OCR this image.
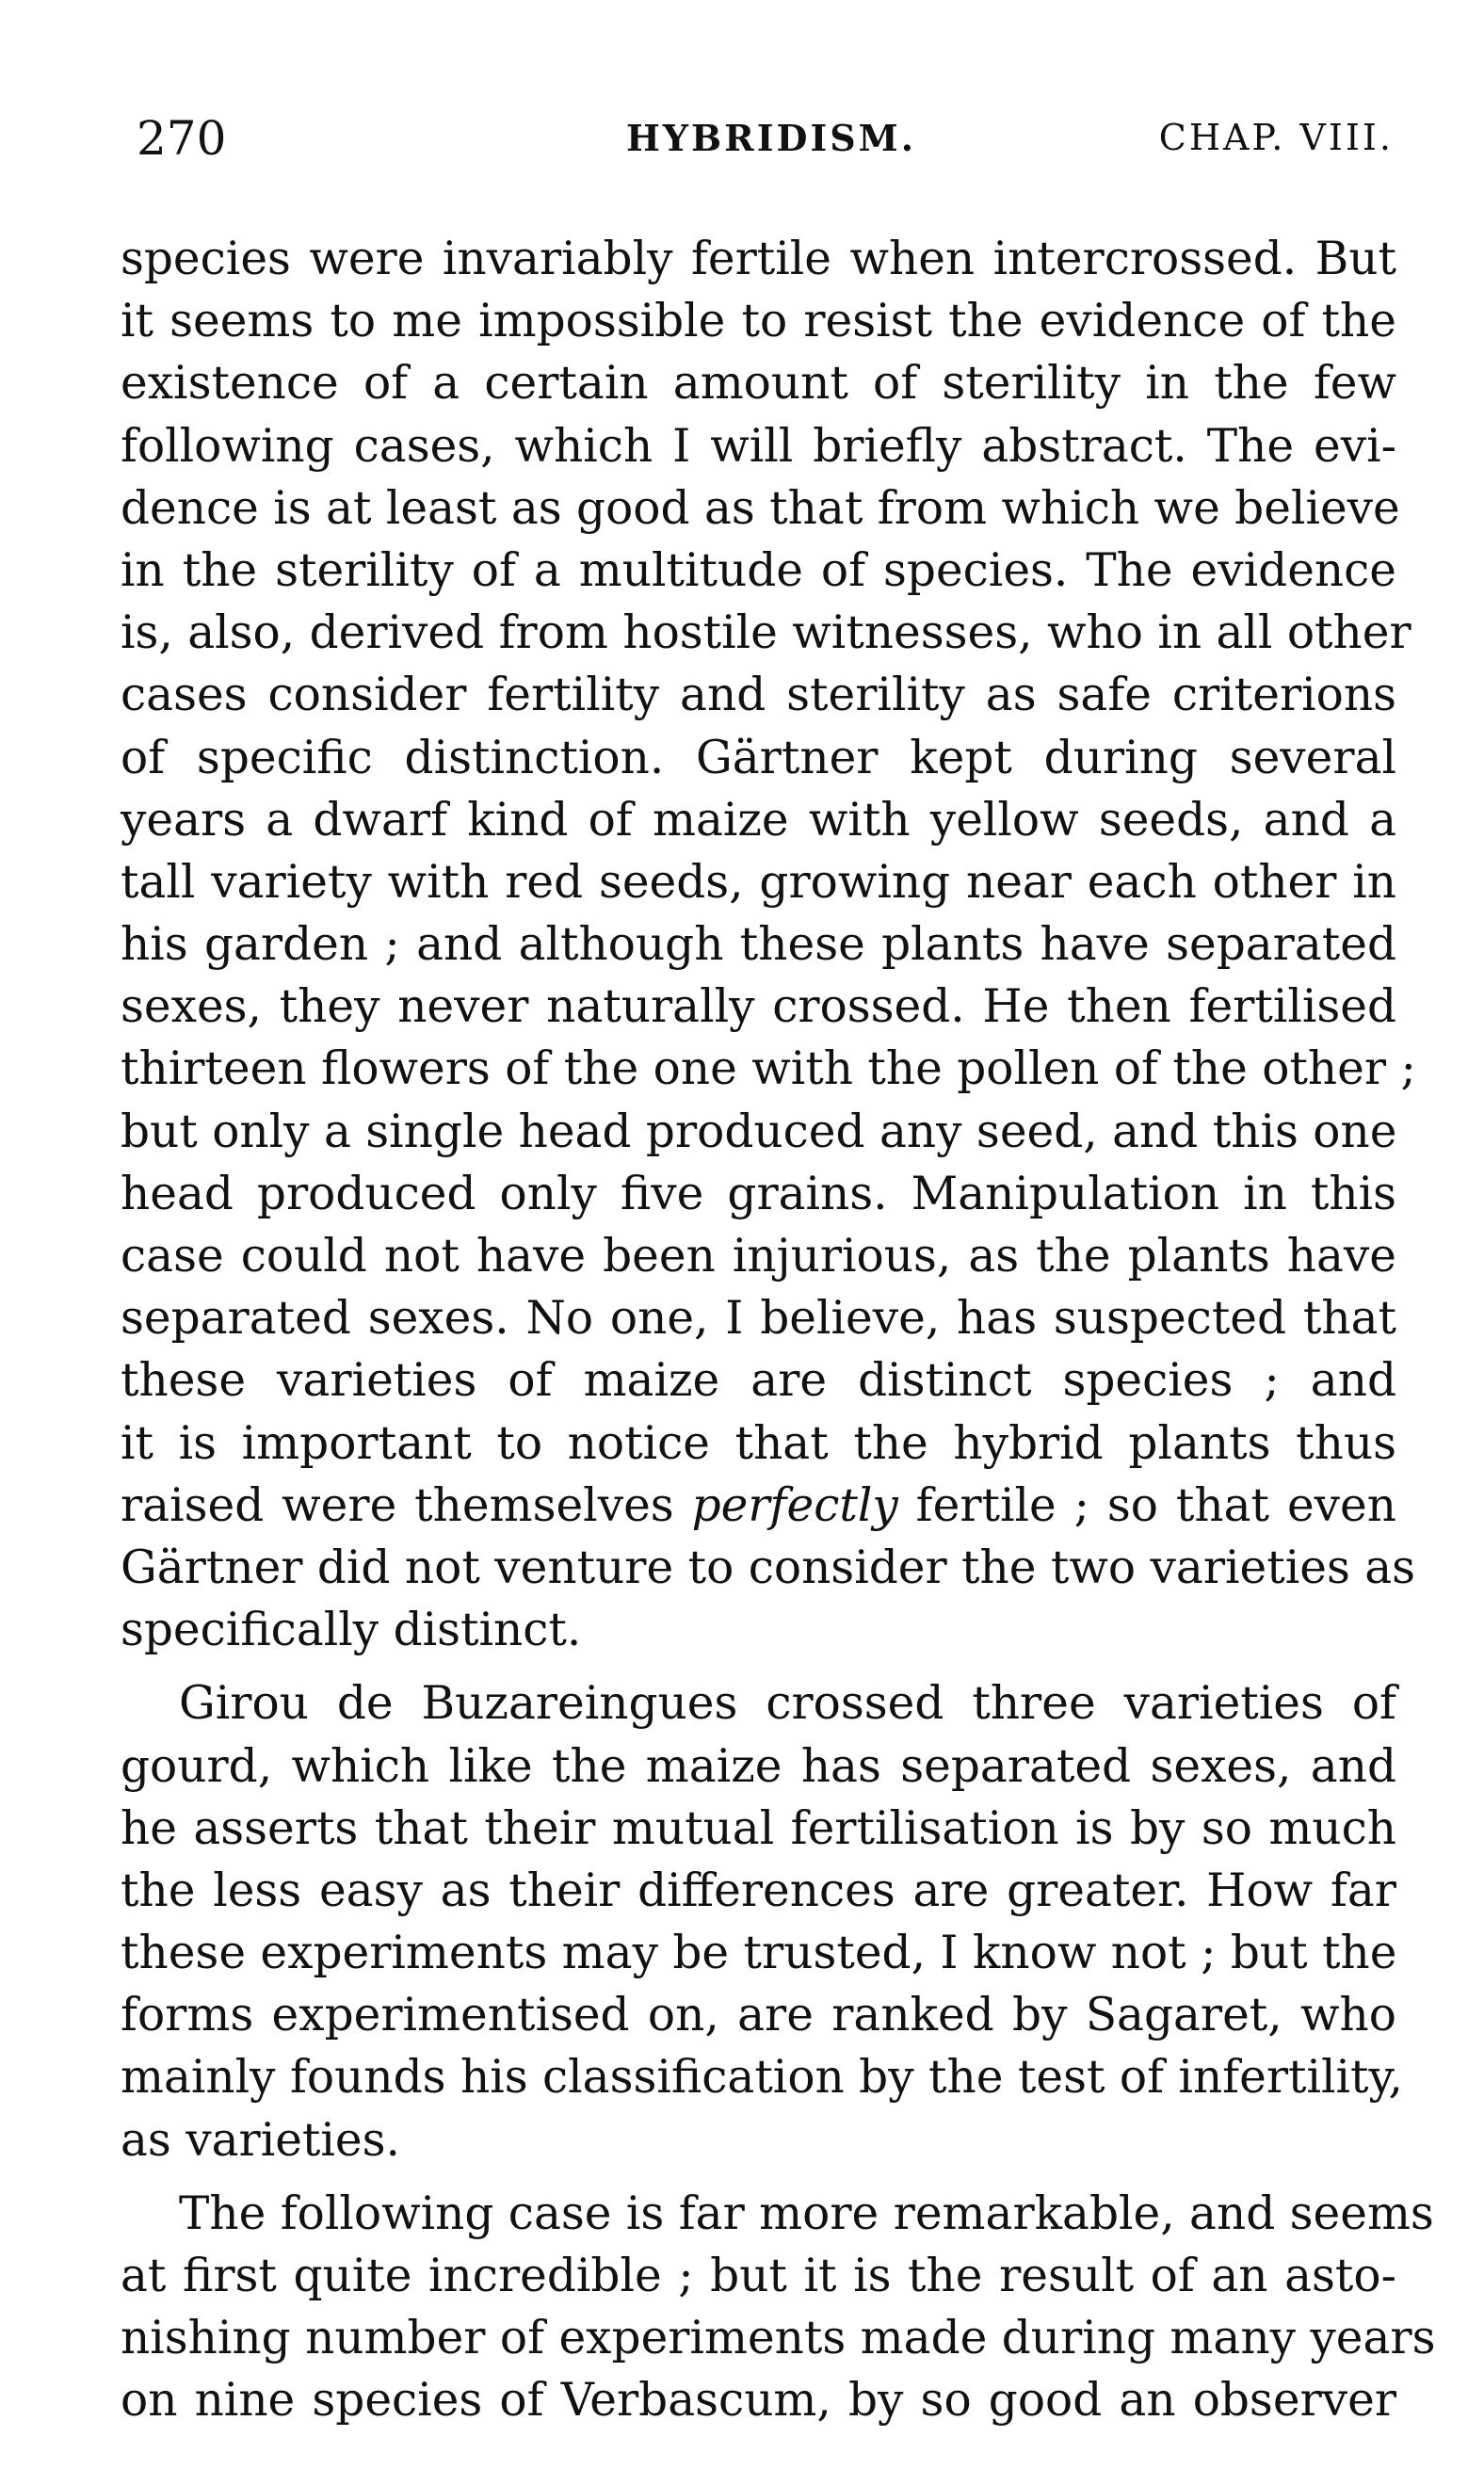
270	HYBRIDISM.	CHAP. VIII.
species were invariably fertile when intercrossed. But
it seems to me impossible to resist the evidence of the
existence of a certain amount of sterility in the few
following cases, which I will briefly abstract. The evi-
dence is at least as good as that from which we believe
in the sterility of a multitude of species. The evidence
is, also, derived from hostile witnesses, who in all other
cases consider fertility and sterility as safe criterions
of specific distinction. Gärtner kept during several
years a dwarf kind of maize with yellow seeds, and a
tall variety with red seeds, growing near each other in
his garden ; and although these plants have separated
sexes, they never naturally crossed. He then fertilised
thirteen flowers of the one with the pollen of the other ;
but only a single head produced any seed, and this one
head produced only five grains. Manipulation in this
case could not have been injurious, as the plants have
separated sexes. No one, I believe, has suspected that
these varieties of maize are distinct species ; and
it is important to notice that the hybrid plants thus
raised were themselves perfectly fertile ; so that even
Gärtner did not venture to consider the two varieties as
specifically distinct.
Girou de Buzareingues crossed three varieties of
gourd, which like the maize has separated sexes, and
he asserts that their mutual fertilisation is by so much
the less easy as their differences are greater. How far
these experiments may be trusted, I know not ; but the
forms experimentised on, are ranked by Sagaret, who
mainly founds his classification by the test of infertility,
as varieties.
The following case is far more remarkable, and seems
at first quite incredible ; but it is the result of an asto-
nishing number of experiments made during many years
on nine species of Verbascum, by so good an observer
